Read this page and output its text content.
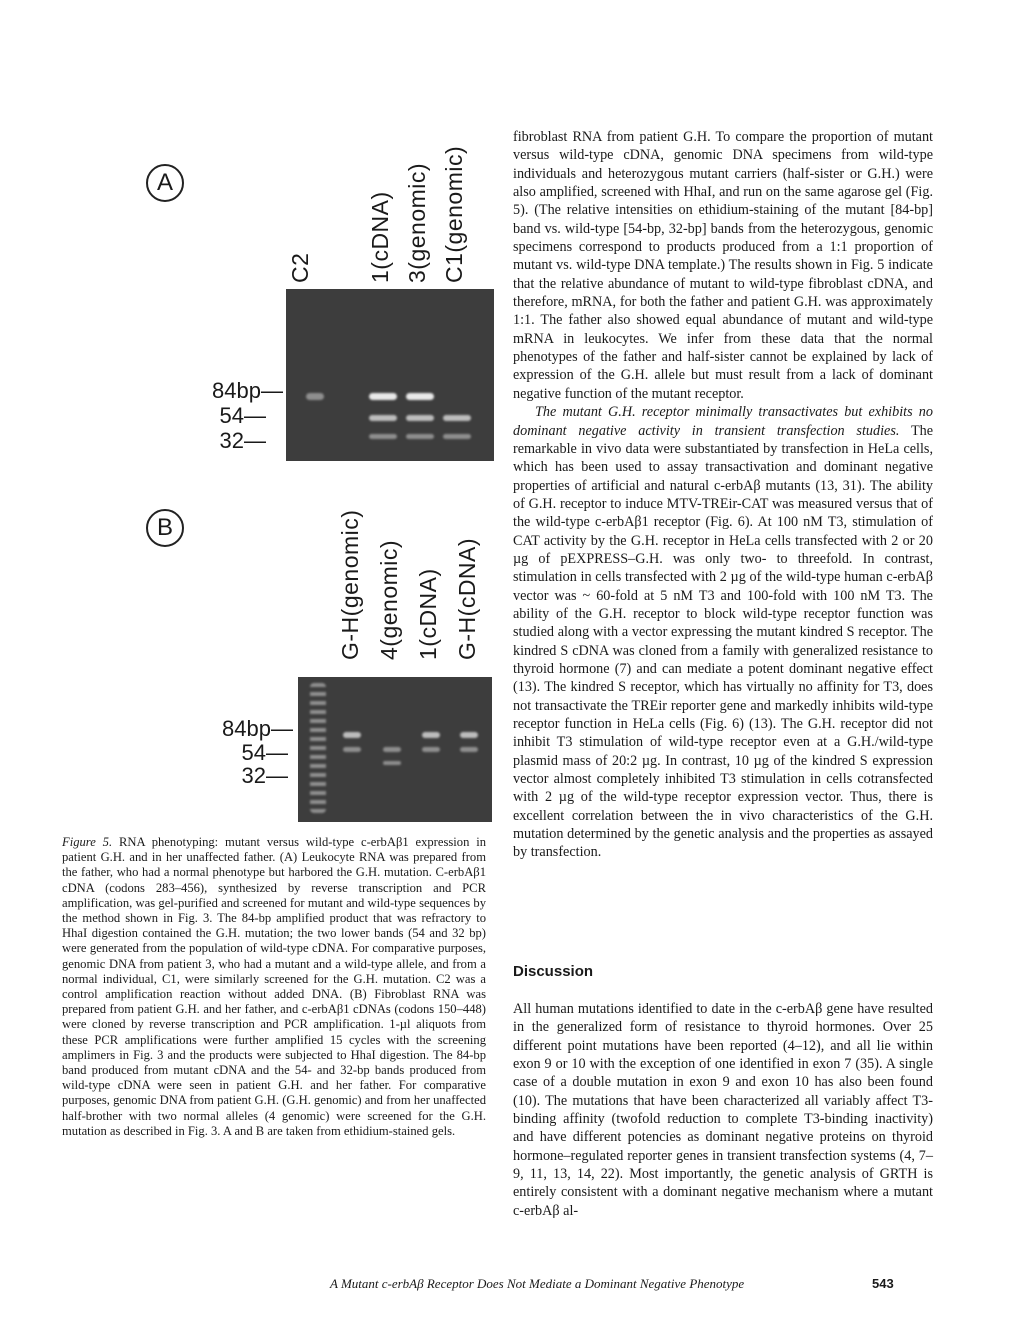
A
C2 1(cDNA) 3(genomic) C1(genomic)
84bp—
54—
32—
B	G-H(genomic) 4(genomic) 1(cDNA) G-H(cDNA)
84bp—
54—
32—

Figure 5. RNA phenotyping: mutant versus wild-type c-erbAβ1 expression in patient G.H. and in her unaffected father. (A) Leukocyte RNA was prepared from the father, who had a normal phenotype but harbored the G.H. mutation. C-erbAβ1 cDNA (codons 283–456), synthesized by reverse transcription and PCR amplification, was gel-purified and screened for mutant and wild-type sequences by the method shown in Fig. 3. The 84-bp amplified product that was refractory to HhaI digestion contained the G.H. mutation; the two lower bands (54 and 32 bp) were generated from the population of wild-type cDNA. For comparative purposes, genomic DNA from patient 3, who had a mutant and a wild-type allele, and from a normal individual, C1, were similarly screened for the G.H. mutation. C2 was a control amplification reaction without added DNA. (B) Fibroblast RNA was prepared from patient G.H. and her father, and c-erbAβ1 cDNAs (codons 150–448) were cloned by reverse transcription and PCR amplification. 1-µl aliquots from these PCR amplifications were further amplified 15 cycles with the screening amplimers in Fig. 3 and the products were subjected to HhaI digestion. The 84-bp band produced from mutant cDNA and the 54- and 32-bp bands produced from wild-type cDNA were seen in patient G.H. and her father. For comparative purposes, genomic DNA from patient G.H. (G.H. genomic) and from her unaffected half-brother with two normal alleles (4 genomic) were screened for the G.H. mutation as described in Fig. 3. A and B are taken from ethidium-stained gels.

fibroblast RNA from patient G.H. To compare the proportion of mutant versus wild-type cDNA, genomic DNA specimens from wild-type individuals and heterozygous mutant carriers (half-sister or G.H.) were also amplified, screened with HhaI, and run on the same agarose gel (Fig. 5). (The relative intensities on ethidium-staining of the mutant [84-bp] band vs. wild-type [54-bp, 32-bp] bands from the heterozygous, genomic specimens correspond to products produced from a 1:1 proportion of mutant vs. wild-type DNA template.) The results shown in Fig. 5 indicate that the relative abundance of mutant to wild-type fibroblast cDNA, and therefore, mRNA, for both the father and patient G.H. was approximately 1:1. The father also showed equal abundance of mutant and wild-type mRNA in leukocytes. We infer from these data that the normal phenotypes of the father and half-sister cannot be explained by lack of expression of the G.H. allele but must result from a lack of dominant negative function of the mutant receptor.

The mutant G.H. receptor minimally transactivates but exhibits no dominant negative activity in transient transfection studies. The remarkable in vivo data were substantiated by transfection in HeLa cells, which has been used to assay transactivation and dominant negative properties of artificial and natural c-erbAβ mutants (13, 31). The ability of G.H. receptor to induce MTV-TREir-CAT was measured versus that of the wild-type c-erbAβ1 receptor (Fig. 6). At 100 nM T3, stimulation of CAT activity by the G.H. receptor in HeLa cells transfected with 2 or 20 µg of pEXPRESS–G.H. was only two- to threefold. In contrast, stimulation in cells transfected with 2 µg of the wild-type human c-erbAβ vector was ~ 60-fold at 5 nM T3 and 100-fold with 100 nM T3. The ability of the G.H. receptor to block wild-type receptor function was studied along with a vector expressing the mutant kindred S receptor. The kindred S cDNA was cloned from a family with generalized resistance to thyroid hormone (7) and can mediate a potent dominant negative effect (13). The kindred S receptor, which has virtually no affinity for T3, does not transactivate the TREir reporter gene and markedly inhibits wild-type receptor function in HeLa cells (Fig. 6) (13). The G.H. receptor did not inhibit T3 stimulation of wild-type receptor even at a G.H./wild-type plasmid mass of 20:2 µg. In contrast, 10 µg of the kindred S expression vector almost completely inhibited T3 stimulation in cells cotransfected with 2 µg of the wild-type receptor expression vector. Thus, there is excellent correlation between the in vivo characteristics of the G.H. mutation determined by the genetic analysis and the properties as assayed by transfection.

Discussion

All human mutations identified to date in the c-erbAβ gene have resulted in the generalized form of resistance to thyroid hormones. Over 25 different point mutations have been reported (4–12), and all lie within exon 9 or 10 with the exception of one identified in exon 7 (35). A single case of a double mutation in exon 9 and exon 10 has also been found (10). The mutations that have been characterized all variably affect T3-binding affinity (twofold reduction to complete T3-binding inactivity) and have different potencies as dominant negative proteins on thyroid hormone–regulated reporter genes in transient transfection systems (4, 7–9, 11, 13, 14, 22). Most importantly, the genetic analysis of GRTH is entirely consistent with a dominant negative mechanism where a mutant c-erbAβ al-

A Mutant c-erbAβ Receptor Does Not Mediate a Dominant Negative Phenotype	543
